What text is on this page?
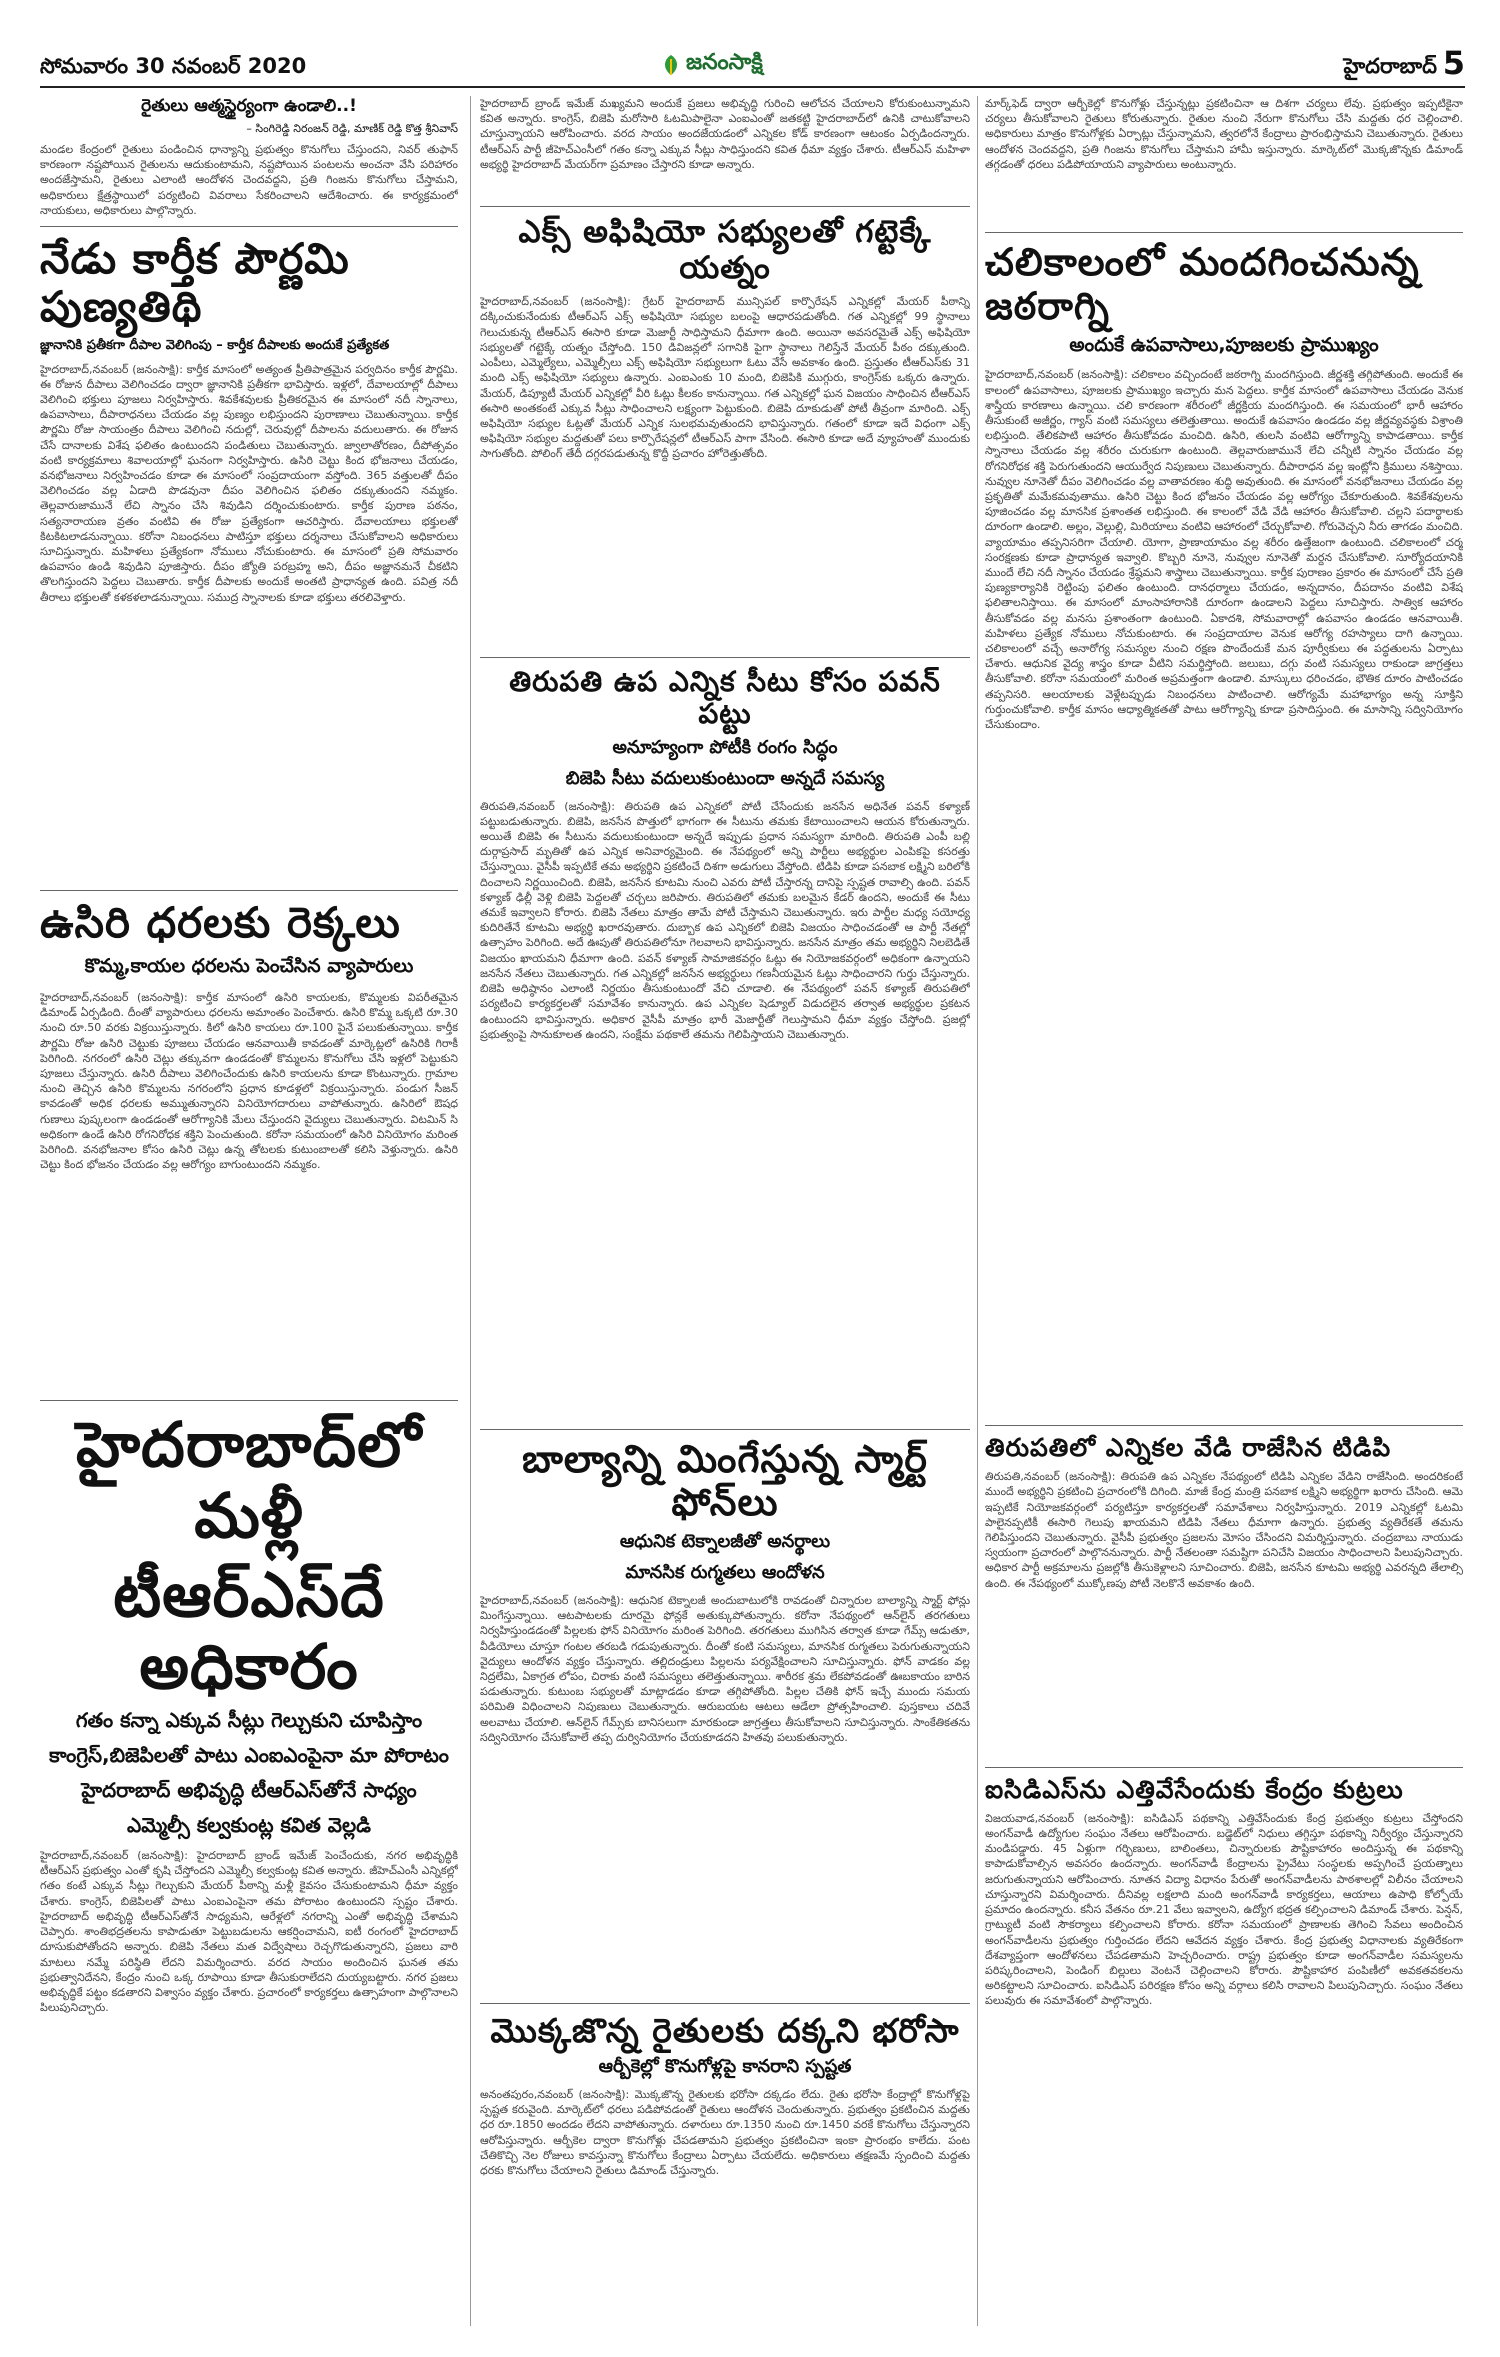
సోమవారం 30 నవంబర్ 2020	జనంసాక్షి	హైదరాబాద్ 5
రైతులు ఆత్మస్థైర్యంగా ఉండాలి..!
– సింగిరెడ్డి నిరంజన్ రెడ్డి, మాణిక్ రెడ్డి కొత్త శ్రీనివాస్
మండల కేంద్రంలో రైతులు పండించిన ధాన్యాన్ని ప్రభుత్వం కొనుగోలు చేస్తుందని, నివర్ తుఫాన్ కారణంగా నష్టపోయిన రైతులను ఆదుకుంటామని, నష్టపోయిన పంటలను అంచనా వేసి పరిహారం అందజేస్తామని, రైతులు ఎలాంటి ఆందోళన చెందవద్దని, ప్రతి గింజను కొనుగోలు చేస్తామని, అధికారులు క్షేత్రస్థాయిలో పర్యటించి వివరాలు సేకరించాలని ఆదేశించారు. ఈ కార్యక్రమంలో నాయకులు, అధికారులు పాల్గొన్నారు.
నేడు కార్తీక పౌర్ణమి పుణ్యతిథి
జ్ఞానానికి ప్రతీకగా దీపాల వెలిగింపు – కార్తీక దీపాలకు అందుకే ప్రత్యేకత
హైదరాబాద్,నవంబర్ (జనంసాక్షి): కార్తీక మాసంలో అత్యంత ప్రీతిపాత్రమైన పర్వదినం కార్తీక పౌర్ణమి. ఈ రోజున దీపాలు వెలిగించడం ద్వారా జ్ఞానానికి ప్రతీకగా భావిస్తారు. ఇళ్లలో, దేవాలయాల్లో దీపాలు వెలిగించి భక్తులు పూజలు నిర్వహిస్తారు. శివకేశవులకు ప్రీతికరమైన ఈ మాసంలో నదీ స్నానాలు, ఉపవాసాలు, దీపారాధనలు చేయడం వల్ల పుణ్యం లభిస్తుందని పురాణాలు చెబుతున్నాయి. కార్తీక పౌర్ణమి రోజు సాయంత్రం దీపాలు వెలిగించి నదుల్లో, చెరువుల్లో దీపాలను వదులుతారు. ఈ రోజున చేసే దానాలకు విశేష ఫలితం ఉంటుందని పండితులు చెబుతున్నారు. జ్వాలాతోరణం, దీపోత్సవం వంటి కార్యక్రమాలు శివాలయాల్లో ఘనంగా నిర్వహిస్తారు. ఉసిరి చెట్టు కింద భోజనాలు చేయడం, వనభోజనాలు నిర్వహించడం కూడా ఈ మాసంలో సంప్రదాయంగా వస్తోంది. 365 వత్తులతో దీపం వెలిగించడం వల్ల ఏడాది పొడవునా దీపం వెలిగించిన ఫలితం దక్కుతుందని నమ్మకం. తెల్లవారుజామునే లేచి స్నానం చేసి శివుడిని దర్శించుకుంటారు. కార్తీక పురాణ పఠనం, సత్యనారాయణ వ్రతం వంటివి ఈ రోజు ప్రత్యేకంగా ఆచరిస్తారు. దేవాలయాలు భక్తులతో కిటకిటలాడనున్నాయి. కరోనా నిబంధనలు పాటిస్తూ భక్తులు దర్శనాలు చేసుకోవాలని అధికారులు సూచిస్తున్నారు. మహిళలు ప్రత్యేకంగా నోములు నోచుకుంటారు. ఈ మాసంలో ప్రతి సోమవారం ఉపవాసం ఉండి శివుడిని పూజిస్తారు. దీపం జ్యోతి పరబ్రహ్మ అని, దీపం అజ్ఞానమనే చీకటిని తొలగిస్తుందని పెద్దలు చెబుతారు. కార్తీక దీపాలకు అందుకే అంతటి ప్రాధాన్యత ఉంది. పవిత్ర నదీ తీరాలు భక్తులతో కళకళలాడనున్నాయి. సముద్ర స్నానాలకు కూడా భక్తులు తరలివెళ్తారు.
ఉసిరి ధరలకు రెక్కలు
కొమ్మ,కాయల ధరలను పెంచేసిన వ్యాపారులు
హైదరాబాద్,నవంబర్ (జనంసాక్షి): కార్తీక మాసంలో ఉసిరి కాయలకు, కొమ్మలకు విపరీతమైన డిమాండ్ ఏర్పడింది. దీంతో వ్యాపారులు ధరలను అమాంతం పెంచేశారు. ఉసిరి కొమ్మ ఒక్కటి రూ.30 నుంచి రూ.50 వరకు విక్రయిస్తున్నారు. కిలో ఉసిరి కాయలు రూ.100 పైనే పలుకుతున్నాయి. కార్తీక పౌర్ణమి రోజు ఉసిరి చెట్టుకు పూజలు చేయడం ఆనవాయితీ కావడంతో మార్కెట్లలో ఉసిరికి గిరాకీ పెరిగింది. నగరంలో ఉసిరి చెట్లు తక్కువగా ఉండడంతో కొమ్మలను కొనుగోలు చేసి ఇళ్లలో పెట్టుకుని పూజలు చేస్తున్నారు. ఉసిరి దీపాలు వెలిగించేందుకు ఉసిరి కాయలను కూడా కొంటున్నారు. గ్రామాల నుంచి తెచ్చిన ఉసిరి కొమ్మలను నగరంలోని ప్రధాన కూడళ్లలో విక్రయిస్తున్నారు. పండుగ సీజన్ కావడంతో అధిక ధరలకు అమ్ముతున్నారని వినియోగదారులు వాపోతున్నారు. ఉసిరిలో ఔషధ గుణాలు పుష్కలంగా ఉండడంతో ఆరోగ్యానికి మేలు చేస్తుందని వైద్యులు చెబుతున్నారు. విటమిన్ సి అధికంగా ఉండే ఉసిరి రోగనిరోధక శక్తిని పెంచుతుంది. కరోనా సమయంలో ఉసిరి వినియోగం మరింత పెరిగింది. వనభోజనాల కోసం ఉసిరి చెట్లు ఉన్న తోటలకు కుటుంబాలతో కలిసి వెళ్తున్నారు. ఉసిరి చెట్టు కింద భోజనం చేయడం వల్ల ఆరోగ్యం బాగుంటుందని నమ్మకం.
హైదరాబాద్‌లో మళ్లీ
టీఆర్ఎస్‌దే అధికారం
గతం కన్నా ఎక్కువ సీట్లు గెల్చుకుని చూపిస్తాం
కాంగ్రెస్,బిజెపిలతో పాటు ఎంఐఎంపైనా మా పోరాటం
హైదరాబాద్ అభివృద్ధి టీఆర్ఎస్‌తోనే సాధ్యం
ఎమ్మెల్సీ కల్వకుంట్ల కవిత వెల్లడి
హైదరాబాద్,నవంబర్ (జనంసాక్షి): హైదరాబాద్ బ్రాండ్ ఇమేజ్ పెంచేందుకు, నగర అభివృద్ధికి టీఆర్ఎస్ ప్రభుత్వం ఎంతో కృషి చేస్తోందని ఎమ్మెల్సీ కల్వకుంట్ల కవిత అన్నారు. జీహెచ్ఎంసీ ఎన్నికల్లో గతం కంటే ఎక్కువ సీట్లు గెల్చుకుని మేయర్ పీఠాన్ని మళ్లీ కైవసం చేసుకుంటామని ధీమా వ్యక్తం చేశారు. కాంగ్రెస్, బిజెపిలతో పాటు ఎంఐఎంపైనా తమ పోరాటం ఉంటుందని స్పష్టం చేశారు. హైదరాబాద్ అభివృద్ధి టీఆర్ఎస్‌తోనే సాధ్యమని, ఆరేళ్లలో నగరాన్ని ఎంతో అభివృద్ధి చేశామని చెప్పారు. శాంతిభద్రతలను కాపాడుతూ పెట్టుబడులను ఆకర్షించామని, ఐటీ రంగంలో హైదరాబాద్ దూసుకుపోతోందని అన్నారు. బిజెపి నేతలు మత విద్వేషాలు రెచ్చగొడుతున్నారని, ప్రజలు వారి మాటలు నమ్మే పరిస్థితి లేదని విమర్శించారు. వరద సాయం అందించిన ఘనత తమ ప్రభుత్వానిదేనని, కేంద్రం నుంచి ఒక్క రూపాయి కూడా తీసుకురాలేదని దుయ్యబట్టారు. నగర ప్రజలు అభివృద్ధికే పట్టం కడతారని విశ్వాసం వ్యక్తం చేశారు. ప్రచారంలో కార్యకర్తలు ఉత్సాహంగా పాల్గొనాలని పిలుపునిచ్చారు.
హైదరాబాద్ బ్రాండ్ ఇమేజ్ మఖ్యమని అందుకే ప్రజలు అభివృద్ధి గురించి ఆలోచన చేయాలని కోరుకుంటున్నామని కవిత అన్నారు. కాంగ్రెస్, బిజెపి మరోసారి ఓటమిపాలైనా ఎంఐఎంతో జతకట్టి హైదరాబాద్‌లో ఉనికి చాటుకోవాలని చూస్తున్నాయని ఆరోపించారు. వరద సాయం అందజేయడంలో ఎన్నికల కోడ్ కారణంగా ఆటంకం ఏర్పడిందన్నారు. టీఆర్ఎస్ పార్టీ జీహెచ్ఎంసీలో గతం కన్నా ఎక్కువ సీట్లు సాధిస్తుందని కవిత ధీమా వ్యక్తం చేశారు. టీఆర్ఎస్ మహిళా అభ్యర్థి హైదరాబాద్ మేయర్‌గా ప్రమాణం చేస్తారని కూడా అన్నారు.
ఎక్స్ అఫిషియో సభ్యులతో గట్టెక్కే యత్నం
హైదరాబాద్,నవంబర్ (జనంసాక్షి): గ్రేటర్ హైదరాబాద్ మున్సిపల్ కార్పొరేషన్ ఎన్నికల్లో మేయర్ పీఠాన్ని దక్కించుకునేందుకు టీఆర్ఎస్ ఎక్స్ అఫిషియో సభ్యుల బలంపై ఆధారపడుతోంది. గత ఎన్నికల్లో 99 స్థానాలు గెలుచుకున్న టీఆర్ఎస్ ఈసారి కూడా మెజార్టీ సాధిస్తామని ధీమాగా ఉంది. అయినా అవసరమైతే ఎక్స్ అఫిషియో సభ్యులతో గట్టెక్కే యత్నం చేస్తోంది. 150 డివిజన్లలో సగానికి పైగా స్థానాలు గెలిస్తేనే మేయర్ పీఠం దక్కుతుంది. ఎంపీలు, ఎమ్మెల్యేలు, ఎమ్మెల్సీలు ఎక్స్ అఫిషియో సభ్యులుగా ఓటు వేసే అవకాశం ఉంది. ప్రస్తుతం టీఆర్ఎస్‌కు 31 మంది ఎక్స్ అఫిషియో సభ్యులు ఉన్నారు. ఎంఐఎంకు 10 మంది, బిజెపికి ముగ్గురు, కాంగ్రెస్‌కు ఒక్కరు ఉన్నారు. మేయర్, డిప్యూటీ మేయర్ ఎన్నికల్లో వీరి ఓట్లు కీలకం కానున్నాయి. గత ఎన్నికల్లో ఘన విజయం సాధించిన టీఆర్ఎస్ ఈసారి అంతకంటే ఎక్కువ సీట్లు సాధించాలని లక్ష్యంగా పెట్టుకుంది. బిజెపి దూకుడుతో పోటీ తీవ్రంగా మారింది. ఎక్స్ అఫిషియో సభ్యుల ఓట్లతో మేయర్ ఎన్నిక సులభమవుతుందని భావిస్తున్నారు. గతంలో కూడా ఇదే విధంగా ఎక్స్ అఫిషియో సభ్యుల మద్దతుతో పలు కార్పొరేషన్లలో టీఆర్ఎస్ పాగా వేసింది. ఈసారి కూడా అదే వ్యూహంతో ముందుకు సాగుతోంది. పోలింగ్ తేదీ దగ్గరపడుతున్న కొద్దీ ప్రచారం హోరెత్తుతోంది.
తిరుపతి ఉప ఎన్నిక సీటు కోసం పవన్ పట్టు
అనూహ్యంగా పోటీకి రంగం సిద్ధం
బిజెపి సీటు వదులుకుంటుందా అన్నదే సమస్య
తిరుపతి,నవంబర్ (జనంసాక్షి): తిరుపతి ఉప ఎన్నికలో పోటీ చేసేందుకు జనసేన అధినేత పవన్ కళ్యాణ్ పట్టుబడుతున్నారు. బిజెపి, జనసేన పొత్తులో భాగంగా ఈ సీటును తమకు కేటాయించాలని ఆయన కోరుతున్నారు. అయితే బిజెపి ఈ సీటును వదులుకుంటుందా అన్నదే ఇప్పుడు ప్రధాన సమస్యగా మారింది. తిరుపతి ఎంపీ బల్లి దుర్గాప్రసాద్ మృతితో ఉప ఎన్నిక అనివార్యమైంది. ఈ నేపథ్యంలో అన్ని పార్టీలు అభ్యర్థుల ఎంపికపై కసరత్తు చేస్తున్నాయి. వైసీపీ ఇప్పటికే తమ అభ్యర్థిని ప్రకటించే దిశగా అడుగులు వేస్తోంది. టిడిపి కూడా పనబాక లక్ష్మిని బరిలోకి దించాలని నిర్ణయించింది. బిజెపి, జనసేన కూటమి నుంచి ఎవరు పోటీ చేస్తారన్న దానిపై స్పష్టత రావాల్సి ఉంది. పవన్ కళ్యాణ్ ఢిల్లీ వెళ్లి బిజెపి పెద్దలతో చర్చలు జరిపారు. తిరుపతిలో తమకు బలమైన కేడర్ ఉందని, అందుకే ఈ సీటు తమకే ఇవ్వాలని కోరారు. బిజెపి నేతలు మాత్రం తామే పోటీ చేస్తామని చెబుతున్నారు. ఇరు పార్టీల మధ్య సయోధ్య కుదిరితేనే కూటమి అభ్యర్థి ఖరారవుతారు. దుబ్బాక ఉప ఎన్నికలో బిజెపి విజయం సాధించడంతో ఆ పార్టీ నేతల్లో ఉత్సాహం పెరిగింది. అదే ఊపుతో తిరుపతిలోనూ గెలవాలని భావిస్తున్నారు. జనసేన మాత్రం తమ అభ్యర్థిని నిలబెడితే విజయం ఖాయమని ధీమాగా ఉంది. పవన్ కళ్యాణ్ సామాజికవర్గం ఓట్లు ఈ నియోజకవర్గంలో అధికంగా ఉన్నాయని జనసేన నేతలు చెబుతున్నారు. గత ఎన్నికల్లో జనసేన అభ్యర్థులు గణనీయమైన ఓట్లు సాధించారని గుర్తు చేస్తున్నారు. బిజెపి అధిష్ఠానం ఎలాంటి నిర్ణయం తీసుకుంటుందో వేచి చూడాలి. ఈ నేపథ్యంలో పవన్ కళ్యాణ్ తిరుపతిలో పర్యటించి కార్యకర్తలతో సమావేశం కానున్నారు. ఉప ఎన్నికల షెడ్యూల్ విడుదలైన తర్వాత అభ్యర్థుల ప్రకటన ఉంటుందని భావిస్తున్నారు. అధికార వైసీపీ మాత్రం భారీ మెజార్టీతో గెలుస్తామని ధీమా వ్యక్తం చేస్తోంది. ప్రజల్లో ప్రభుత్వంపై సానుకూలత ఉందని, సంక్షేమ పథకాలే తమను గెలిపిస్తాయని చెబుతున్నారు.
బాల్యాన్ని మింగేస్తున్న స్మార్ట్ ఫోన్‌లు
ఆధునిక టెక్నాలజీతో అనర్థాలు
మానసిక రుగ్మతలు ఆందోళన
హైదరాబాద్,నవంబర్ (జనంసాక్షి): ఆధునిక టెక్నాలజీ అందుబాటులోకి రావడంతో చిన్నారుల బాల్యాన్ని స్మార్ట్ ఫోన్లు మింగేస్తున్నాయి. ఆటపాటలకు దూరమై ఫోన్లకే అతుక్కుపోతున్నారు. కరోనా నేపథ్యంలో ఆన్‌లైన్ తరగతులు నిర్వహిస్తుండడంతో పిల్లలకు ఫోన్ వినియోగం మరింత పెరిగింది. తరగతులు ముగిసిన తర్వాత కూడా గేమ్స్ ఆడుతూ, వీడియోలు చూస్తూ గంటల తరబడి గడుపుతున్నారు. దీంతో కంటి సమస్యలు, మానసిక రుగ్మతలు పెరుగుతున్నాయని వైద్యులు ఆందోళన వ్యక్తం చేస్తున్నారు. తల్లిదండ్రులు పిల్లలను పర్యవేక్షించాలని సూచిస్తున్నారు. ఫోన్ వాడకం వల్ల నిద్రలేమి, ఏకాగ్రత లోపం, చిరాకు వంటి సమస్యలు తలెత్తుతున్నాయి. శారీరక శ్రమ లేకపోవడంతో ఊబకాయం బారిన పడుతున్నారు. కుటుంబ సభ్యులతో మాట్లాడడం కూడా తగ్గిపోతోంది. పిల్లల చేతికి ఫోన్ ఇచ్చే ముందు సమయ పరిమితి విధించాలని నిపుణులు చెబుతున్నారు. ఆరుబయట ఆటలు ఆడేలా ప్రోత్సహించాలి. పుస్తకాలు చదివే అలవాటు చేయాలి. ఆన్‌లైన్ గేమ్స్‌కు బానిసలుగా మారకుండా జాగ్రత్తలు తీసుకోవాలని సూచిస్తున్నారు. సాంకేతికతను సద్వినియోగం చేసుకోవాలే తప్ప దుర్వినియోగం చేయకూడదని హితవు పలుకుతున్నారు.
మొక్కజొన్న రైతులకు దక్కని భరోసా
ఆర్బీకెల్లో కొనుగోళ్లపై కానరాని స్పష్టత
అనంతపురం,నవంబర్ (జనంసాక్షి): మొక్కజొన్న రైతులకు భరోసా దక్కడం లేదు. రైతు భరోసా కేంద్రాల్లో కొనుగోళ్లపై స్పష్టత కరువైంది. మార్కెట్‌లో ధరలు పడిపోవడంతో రైతులు ఆందోళన చెందుతున్నారు. ప్రభుత్వం ప్రకటించిన మద్దతు ధర రూ.1850 అందడం లేదని వాపోతున్నారు. దళారులు రూ.1350 నుంచి రూ.1450 వరకే కొనుగోలు చేస్తున్నారని ఆరోపిస్తున్నారు. ఆర్బీకెల ద్వారా కొనుగోళ్లు చేపడతామని ప్రభుత్వం ప్రకటించినా ఇంకా ప్రారంభం కాలేదు. పంట చేతికొచ్చి నెల రోజులు కావస్తున్నా కొనుగోలు కేంద్రాలు ఏర్పాటు చేయలేదు. అధికారులు తక్షణమే స్పందించి మద్దతు ధరకు కొనుగోలు చేయాలని రైతులు డిమాండ్ చేస్తున్నారు.
మార్క్‌ఫెడ్ ద్వారా ఆర్బీకెల్లో కొనుగోళ్లు చేస్తున్నట్లు ప్రకటించినా ఆ దిశగా చర్యలు లేవు. ప్రభుత్వం ఇప్పటికైనా చర్యలు తీసుకోవాలని రైతులు కోరుతున్నారు. రైతుల నుంచి నేరుగా కొనుగోలు చేసి మద్దతు ధర చెల్లించాలి. అధికారులు మాత్రం కొనుగోళ్లకు ఏర్పాట్లు చేస్తున్నామని, త్వరలోనే కేంద్రాలు ప్రారంభిస్తామని చెబుతున్నారు. రైతులు ఆందోళన చెందవద్దని, ప్రతి గింజను కొనుగోలు చేస్తామని హామీ ఇస్తున్నారు. మార్కెట్‌లో మొక్కజొన్నకు డిమాండ్ తగ్గడంతో ధరలు పడిపోయాయని వ్యాపారులు అంటున్నారు.
చలికాలంలో మందగించనున్న జఠరాగ్ని
అందుకే ఉపవాసాలు,పూజలకు ప్రాముఖ్యం
హైదరాబాద్,నవంబర్ (జనంసాక్షి): చలికాలం వచ్చిందంటే జఠరాగ్ని మందగిస్తుంది. జీర్ణశక్తి తగ్గిపోతుంది. అందుకే ఈ కాలంలో ఉపవాసాలు, పూజలకు ప్రాముఖ్యం ఇచ్చారు మన పెద్దలు. కార్తీక మాసంలో ఉపవాసాలు చేయడం వెనుక శాస్త్రీయ కారణాలు ఉన్నాయి. చలి కారణంగా శరీరంలో జీర్ణక్రియ మందగిస్తుంది. ఈ సమయంలో భారీ ఆహారం తీసుకుంటే అజీర్ణం, గ్యాస్ వంటి సమస్యలు తలెత్తుతాయి. అందుకే ఉపవాసం ఉండడం వల్ల జీర్ణవ్యవస్థకు విశ్రాంతి లభిస్తుంది. తేలికపాటి ఆహారం తీసుకోవడం మంచిది. ఉసిరి, తులసి వంటివి ఆరోగ్యాన్ని కాపాడతాయి. కార్తీక స్నానాలు చేయడం వల్ల శరీరం చురుకుగా ఉంటుంది. తెల్లవారుజామునే లేచి చన్నీటి స్నానం చేయడం వల్ల రోగనిరోధక శక్తి పెరుగుతుందని ఆయుర్వేద నిపుణులు చెబుతున్నారు. దీపారాధన వల్ల ఇంట్లోని క్రిములు నశిస్తాయి. నువ్వుల నూనెతో దీపం వెలిగించడం వల్ల వాతావరణం శుద్ధి అవుతుంది. ఈ మాసంలో వనభోజనాలు చేయడం వల్ల ప్రకృతితో మమేకమవుతాము. ఉసిరి చెట్టు కింద భోజనం చేయడం వల్ల ఆరోగ్యం చేకూరుతుంది. శివకేశవులను పూజించడం వల్ల మానసిక ప్రశాంతత లభిస్తుంది. ఈ కాలంలో వేడి వేడి ఆహారం తీసుకోవాలి. చల్లని పదార్థాలకు దూరంగా ఉండాలి. అల్లం, వెల్లుల్లి, మిరియాలు వంటివి ఆహారంలో చేర్చుకోవాలి. గోరువెచ్చని నీరు తాగడం మంచిది. వ్యాయామం తప్పనిసరిగా చేయాలి. యోగా, ప్రాణాయామం వల్ల శరీరం ఉత్తేజంగా ఉంటుంది. చలికాలంలో చర్మ సంరక్షణకు కూడా ప్రాధాన్యత ఇవ్వాలి. కొబ్బరి నూనె, నువ్వుల నూనెతో మర్దన చేసుకోవాలి. సూర్యోదయానికి ముందే లేచి నదీ స్నానం చేయడం శ్రేష్ఠమని శాస్త్రాలు చెబుతున్నాయి. కార్తీక పురాణం ప్రకారం ఈ మాసంలో చేసే ప్రతి పుణ్యకార్యానికి రెట్టింపు ఫలితం ఉంటుంది. దానధర్మాలు చేయడం, అన్నదానం, దీపదానం వంటివి విశేష ఫలితాలనిస్తాయి. ఈ మాసంలో మాంసాహారానికి దూరంగా ఉండాలని పెద్దలు సూచిస్తారు. సాత్విక ఆహారం తీసుకోవడం వల్ల మనసు ప్రశాంతంగా ఉంటుంది. ఏకాదశి, సోమవారాల్లో ఉపవాసం ఉండడం ఆనవాయితీ. మహిళలు ప్రత్యేక నోములు నోచుకుంటారు. ఈ సంప్రదాయాల వెనుక ఆరోగ్య రహస్యాలు దాగి ఉన్నాయి. చలికాలంలో వచ్చే అనారోగ్య సమస్యల నుంచి రక్షణ పొందేందుకే మన పూర్వీకులు ఈ పద్ధతులను ఏర్పాటు చేశారు. ఆధునిక వైద్య శాస్త్రం కూడా వీటిని సమర్థిస్తోంది. జలుబు, దగ్గు వంటి సమస్యలు రాకుండా జాగ్రత్తలు తీసుకోవాలి. కరోనా సమయంలో మరింత అప్రమత్తంగా ఉండాలి. మాస్కులు ధరించడం, భౌతిక దూరం పాటించడం తప్పనిసరి. ఆలయాలకు వెళ్లేటప్పుడు నిబంధనలు పాటించాలి. ఆరోగ్యమే మహాభాగ్యం అన్న సూక్తిని గుర్తుంచుకోవాలి. కార్తీక మాసం ఆధ్యాత్మికతతో పాటు ఆరోగ్యాన్ని కూడా ప్రసాదిస్తుంది. ఈ మాసాన్ని సద్వినియోగం చేసుకుందాం.
తిరుపతిలో ఎన్నికల వేడి రాజేసిన టిడిపి
తిరుపతి,నవంబర్ (జనంసాక్షి): తిరుపతి ఉప ఎన్నికల నేపథ్యంలో టిడిపి ఎన్నికల వేడిని రాజేసింది. అందరికంటే ముందే అభ్యర్థిని ప్రకటించి ప్రచారంలోకి దిగింది. మాజీ కేంద్ర మంత్రి పనబాక లక్ష్మిని అభ్యర్థిగా ఖరారు చేసింది. ఆమె ఇప్పటికే నియోజకవర్గంలో పర్యటిస్తూ కార్యకర్తలతో సమావేశాలు నిర్వహిస్తున్నారు. 2019 ఎన్నికల్లో ఓటమి పాలైనప్పటికీ ఈసారి గెలుపు ఖాయమని టిడిపి నేతలు ధీమాగా ఉన్నారు. ప్రభుత్వ వ్యతిరేకతే తమను గెలిపిస్తుందని చెబుతున్నారు. వైసీపీ ప్రభుత్వం ప్రజలను మోసం చేసిందని విమర్శిస్తున్నారు. చంద్రబాబు నాయుడు స్వయంగా ప్రచారంలో పాల్గొననున్నారు. పార్టీ నేతలంతా సమష్టిగా పనిచేసి విజయం సాధించాలని పిలుపునిచ్చారు. అధికార పార్టీ అక్రమాలను ప్రజల్లోకి తీసుకెళ్లాలని సూచించారు. బిజెపి, జనసేన కూటమి అభ్యర్థి ఎవరన్నది తేలాల్సి ఉంది. ఈ నేపథ్యంలో ముక్కోణపు పోటీ నెలకొనే అవకాశం ఉంది.
ఐసిడిఎస్‌ను ఎత్తివేసేందుకు కేంద్రం కుట్రలు
విజయవాడ,నవంబర్ (జనంసాక్షి): ఐసిడిఎస్ పథకాన్ని ఎత్తివేసేందుకు కేంద్ర ప్రభుత్వం కుట్రలు చేస్తోందని అంగన్‌వాడీ ఉద్యోగుల సంఘం నేతలు ఆరోపించారు. బడ్జెట్‌లో నిధులు తగ్గిస్తూ పథకాన్ని నిర్వీర్యం చేస్తున్నారని మండిపడ్డారు. 45 ఏళ్లుగా గర్భిణులు, బాలింతలు, చిన్నారులకు పౌష్టికాహారం అందిస్తున్న ఈ పథకాన్ని కాపాడుకోవాల్సిన అవసరం ఉందన్నారు. అంగన్‌వాడీ కేంద్రాలను ప్రైవేటు సంస్థలకు అప్పగించే ప్రయత్నాలు జరుగుతున్నాయని ఆరోపించారు. నూతన విద్యా విధానం పేరుతో అంగన్‌వాడీలను పాఠశాలల్లో విలీనం చేయాలని చూస్తున్నారని విమర్శించారు. దీనివల్ల లక్షలాది మంది అంగన్‌వాడీ కార్యకర్తలు, ఆయాలు ఉపాధి కోల్పోయే ప్రమాదం ఉందన్నారు. కనీస వేతనం రూ.21 వేలు ఇవ్వాలని, ఉద్యోగ భద్రత కల్పించాలని డిమాండ్ చేశారు. పెన్షన్, గ్రాట్యుటీ వంటి సౌకర్యాలు కల్పించాలని కోరారు. కరోనా సమయంలో ప్రాణాలకు తెగించి సేవలు అందించిన అంగన్‌వాడీలను ప్రభుత్వం గుర్తించడం లేదని ఆవేదన వ్యక్తం చేశారు. కేంద్ర ప్రభుత్వ విధానాలకు వ్యతిరేకంగా దేశవ్యాప్తంగా ఆందోళనలు చేపడతామని హెచ్చరించారు. రాష్ట్ర ప్రభుత్వం కూడా అంగన్‌వాడీల సమస్యలను పరిష్కరించాలని, పెండింగ్ బిల్లులు వెంటనే చెల్లించాలని కోరారు. పౌష్టికాహార పంపిణీలో అవకతవకలను అరికట్టాలని సూచించారు. ఐసిడిఎస్ పరిరక్షణ కోసం అన్ని వర్గాలు కలిసి రావాలని పిలుపునిచ్చారు. సంఘం నేతలు పలువురు ఈ సమావేశంలో పాల్గొన్నారు.
